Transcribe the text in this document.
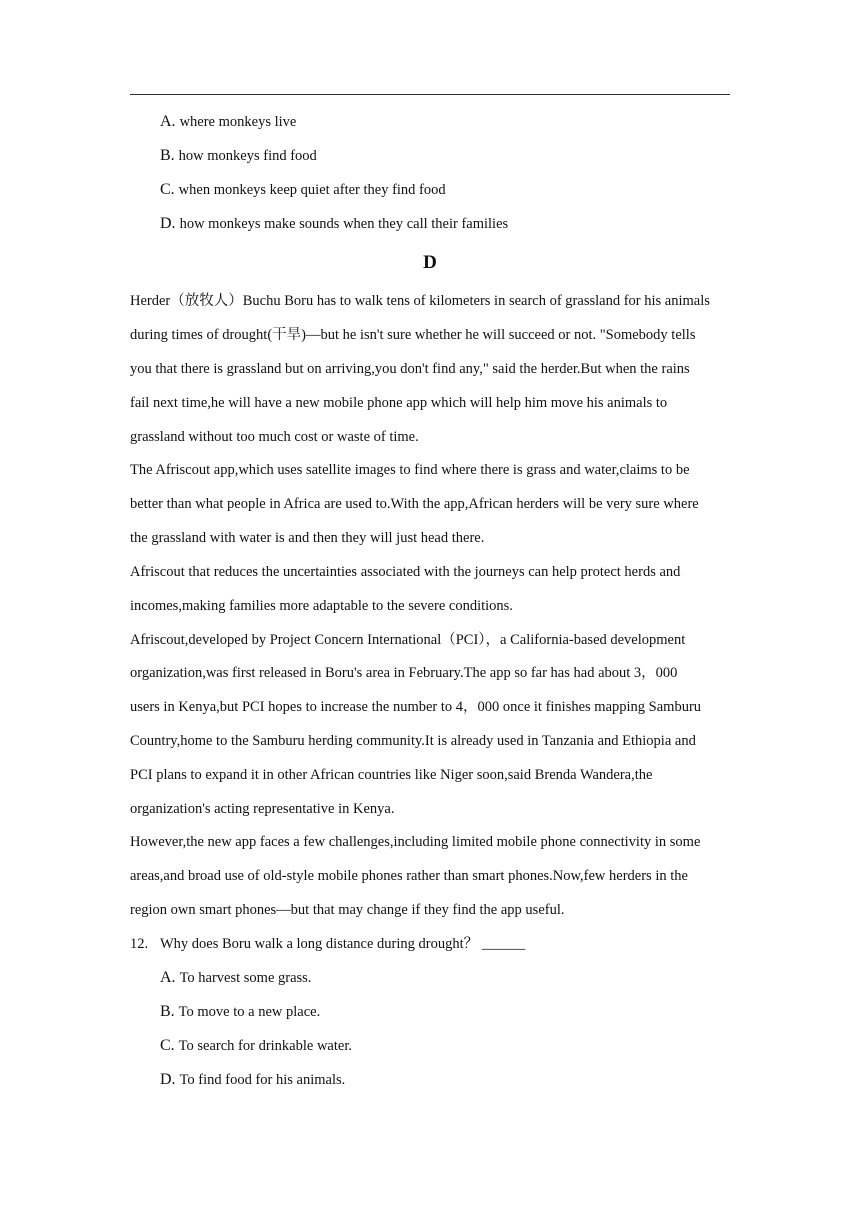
A. where monkeys live
B. how monkeys find food
C. when monkeys keep quiet after they find food
D. how monkeys make sounds when they call their families
D
Herder（放牧人）Buchu Boru has to walk tens of kilometers in search of grassland for his animals
during times of drought(干旱)—but he isn't sure whether he will succeed or not. "Somebody tells
you that there is grassland but on arriving,you don't find any," said the herder.But when the rains
fail next time,he will have a new mobile phone app which will help him move his animals to
grassland without too much cost or waste of time.
The Afriscout app,which uses satellite images to find where there is grass and water,claims to be
better than what people in Africa are used to.With the app,African herders will be very sure where
the grassland with water is and then they will just head there.
Afriscout that reduces the uncertainties associated with the journeys can help protect herds and
incomes,making families more adaptable to the severe conditions.
Afriscout,developed by Project Concern International（PCI），a California-based development
organization,was first released in Boru's area in February.The app so far has had about 3，000
users in Kenya,but PCI hopes to increase the number to 4，000 once it finishes mapping Samburu
Country,home to the Samburu herding community.It is already used in Tanzania and Ethiopia and
PCI plans to expand it in other African countries like Niger soon,said Brenda Wandera,the
organization's acting representative in Kenya.
However,the new app faces a few challenges,including limited mobile phone connectivity in some
areas,and broad use of old-style mobile phones rather than smart phones.Now,few herders in the
region own smart phones—but that may change if they find the app useful.
12. Why does Boru walk a long distance during drought？ ______
A. To harvest some grass.
B. To move to a new place.
C. To search for drinkable water.
D. To find food for his animals.
